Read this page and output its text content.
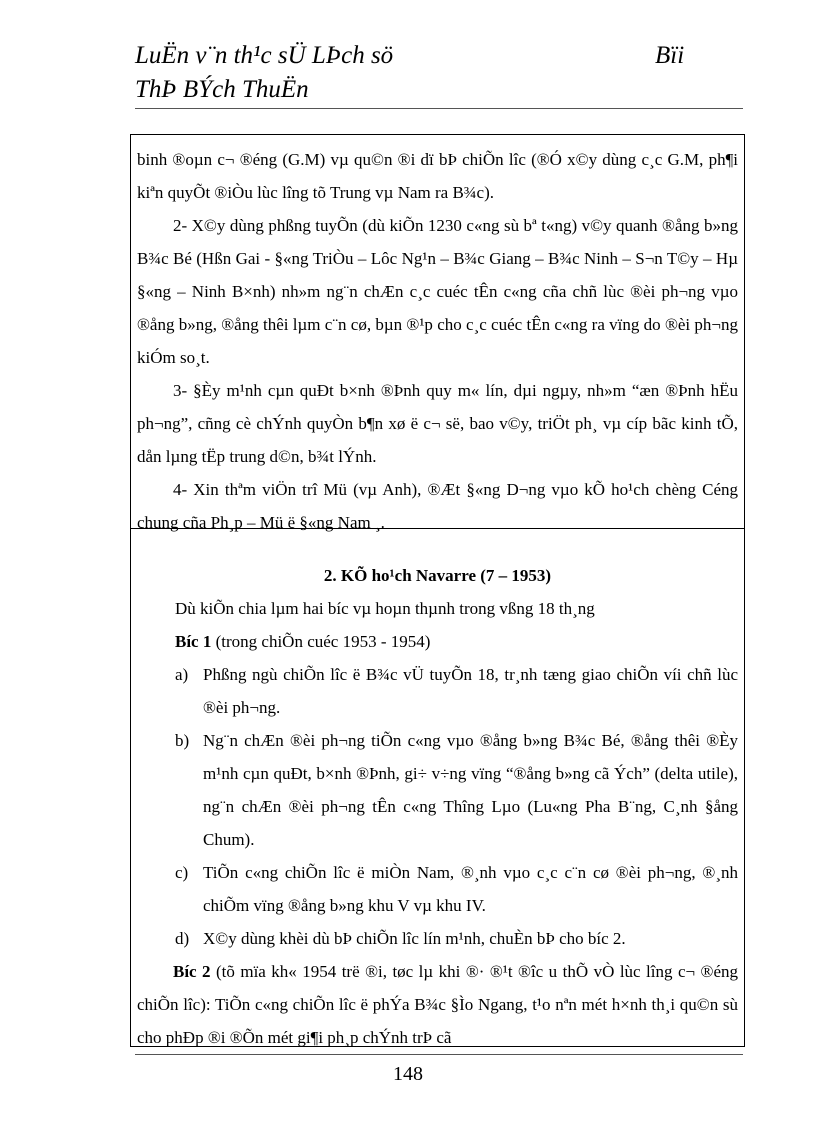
LuËn v¨n th¹c sÜ LÞch sö	Bïi
ThÞ BÝch ThuËn

binh ®oµn c¬ ®éng (G.M) vµ qu©n ®i dï bÞ chiÕn lîc (®Ó x©y dùng c¸c G.M, ph¶i kiªn quyÕt ®iÒu lùc lîng tõ Trung vµ Nam ra B¾c).

2- X©y dùng phßng tuyÕn (dù kiÕn 1230 c«ng sù bª t«ng) v©y quanh ®ång b»ng B¾c Bé (Hßn Gai - §«ng TriÒu – Lôc Ng¹n – B¾c Giang – B¾c Ninh – S¬n T©y – Hµ §«ng – Ninh B×nh) nh»m ng¨n chÆn c¸c cuéc tÊn c«ng cña chñ lùc ®èi ph¬ng vµo ®ång b»ng, ®ång thêi lµm c¨n cø, bµn ®¹p cho c¸c cuéc tÊn c«ng ra vïng do ®èi ph¬ng kiÓm so¸t.

3- §Èy m¹nh cµn quÐt b×nh ®Þnh quy m« lín, dµi ngµy, nh»m “æn ®Þnh hËu ph¬ng”, cñng cè chÝnh quyÒn b¶n xø ë c¬ së, bao v©y, triÖt ph¸ vµ cíp bãc kinh tÕ, dån lµng tËp trung d©n, b¾t lÝnh.

4- Xin thªm viÖn trî Mü (vµ Anh), ®Æt §«ng D¬ng vµo kÕ ho¹ch chèng Céng chung cña Ph¸p – Mü ë §«ng Nam ¸.

2. KÕ ho¹ch Navarre (7 – 1953)

Dù kiÕn chia lµm hai bíc vµ hoµn thµnh trong vßng 18 th¸ng

Bíc 1 (trong chiÕn cuéc 1953 - 1954)

a) Phßng ngù chiÕn lîc ë B¾c vÜ tuyÕn 18, tr¸nh tæng giao chiÕn víi chñ lùc ®èi ph¬ng.
b) Ng¨n chÆn ®èi ph¬ng tiÕn c«ng vµo ®ång b»ng B¾c Bé, ®ång thêi ®Èy m¹nh cµn quÐt, b×nh ®Þnh, gi÷ v÷ng vïng “®ång b»ng cã Ých” (delta utile), ng¨n chÆn ®èi ph¬ng tÊn c«ng Thîng Lµo (Lu«ng Pha B¨ng, C¸nh §ång Chum).
c) TiÕn c«ng chiÕn lîc ë miÒn Nam, ®¸nh vµo c¸c c¨n cø ®èi ph¬ng, ®¸nh chiÕm vïng ®ång b»ng khu V vµ khu IV.
d) X©y dùng khèi dù bÞ chiÕn lîc lín m¹nh, chuÈn bÞ cho bíc 2.

Bíc 2 (tõ mïa kh« 1954 trë ®i, tøc lµ khi ®· ®¹t ®îc u thÕ vÒ lùc lîng c¬ ®éng chiÕn lîc): TiÕn c«ng chiÕn lîc ë phÝa B¾c §Ìo Ngang, t¹o nªn mét h×nh th¸i qu©n sù cho phÐp ®i ®Õn mét gi¶i ph¸p chÝnh trÞ cã

148
